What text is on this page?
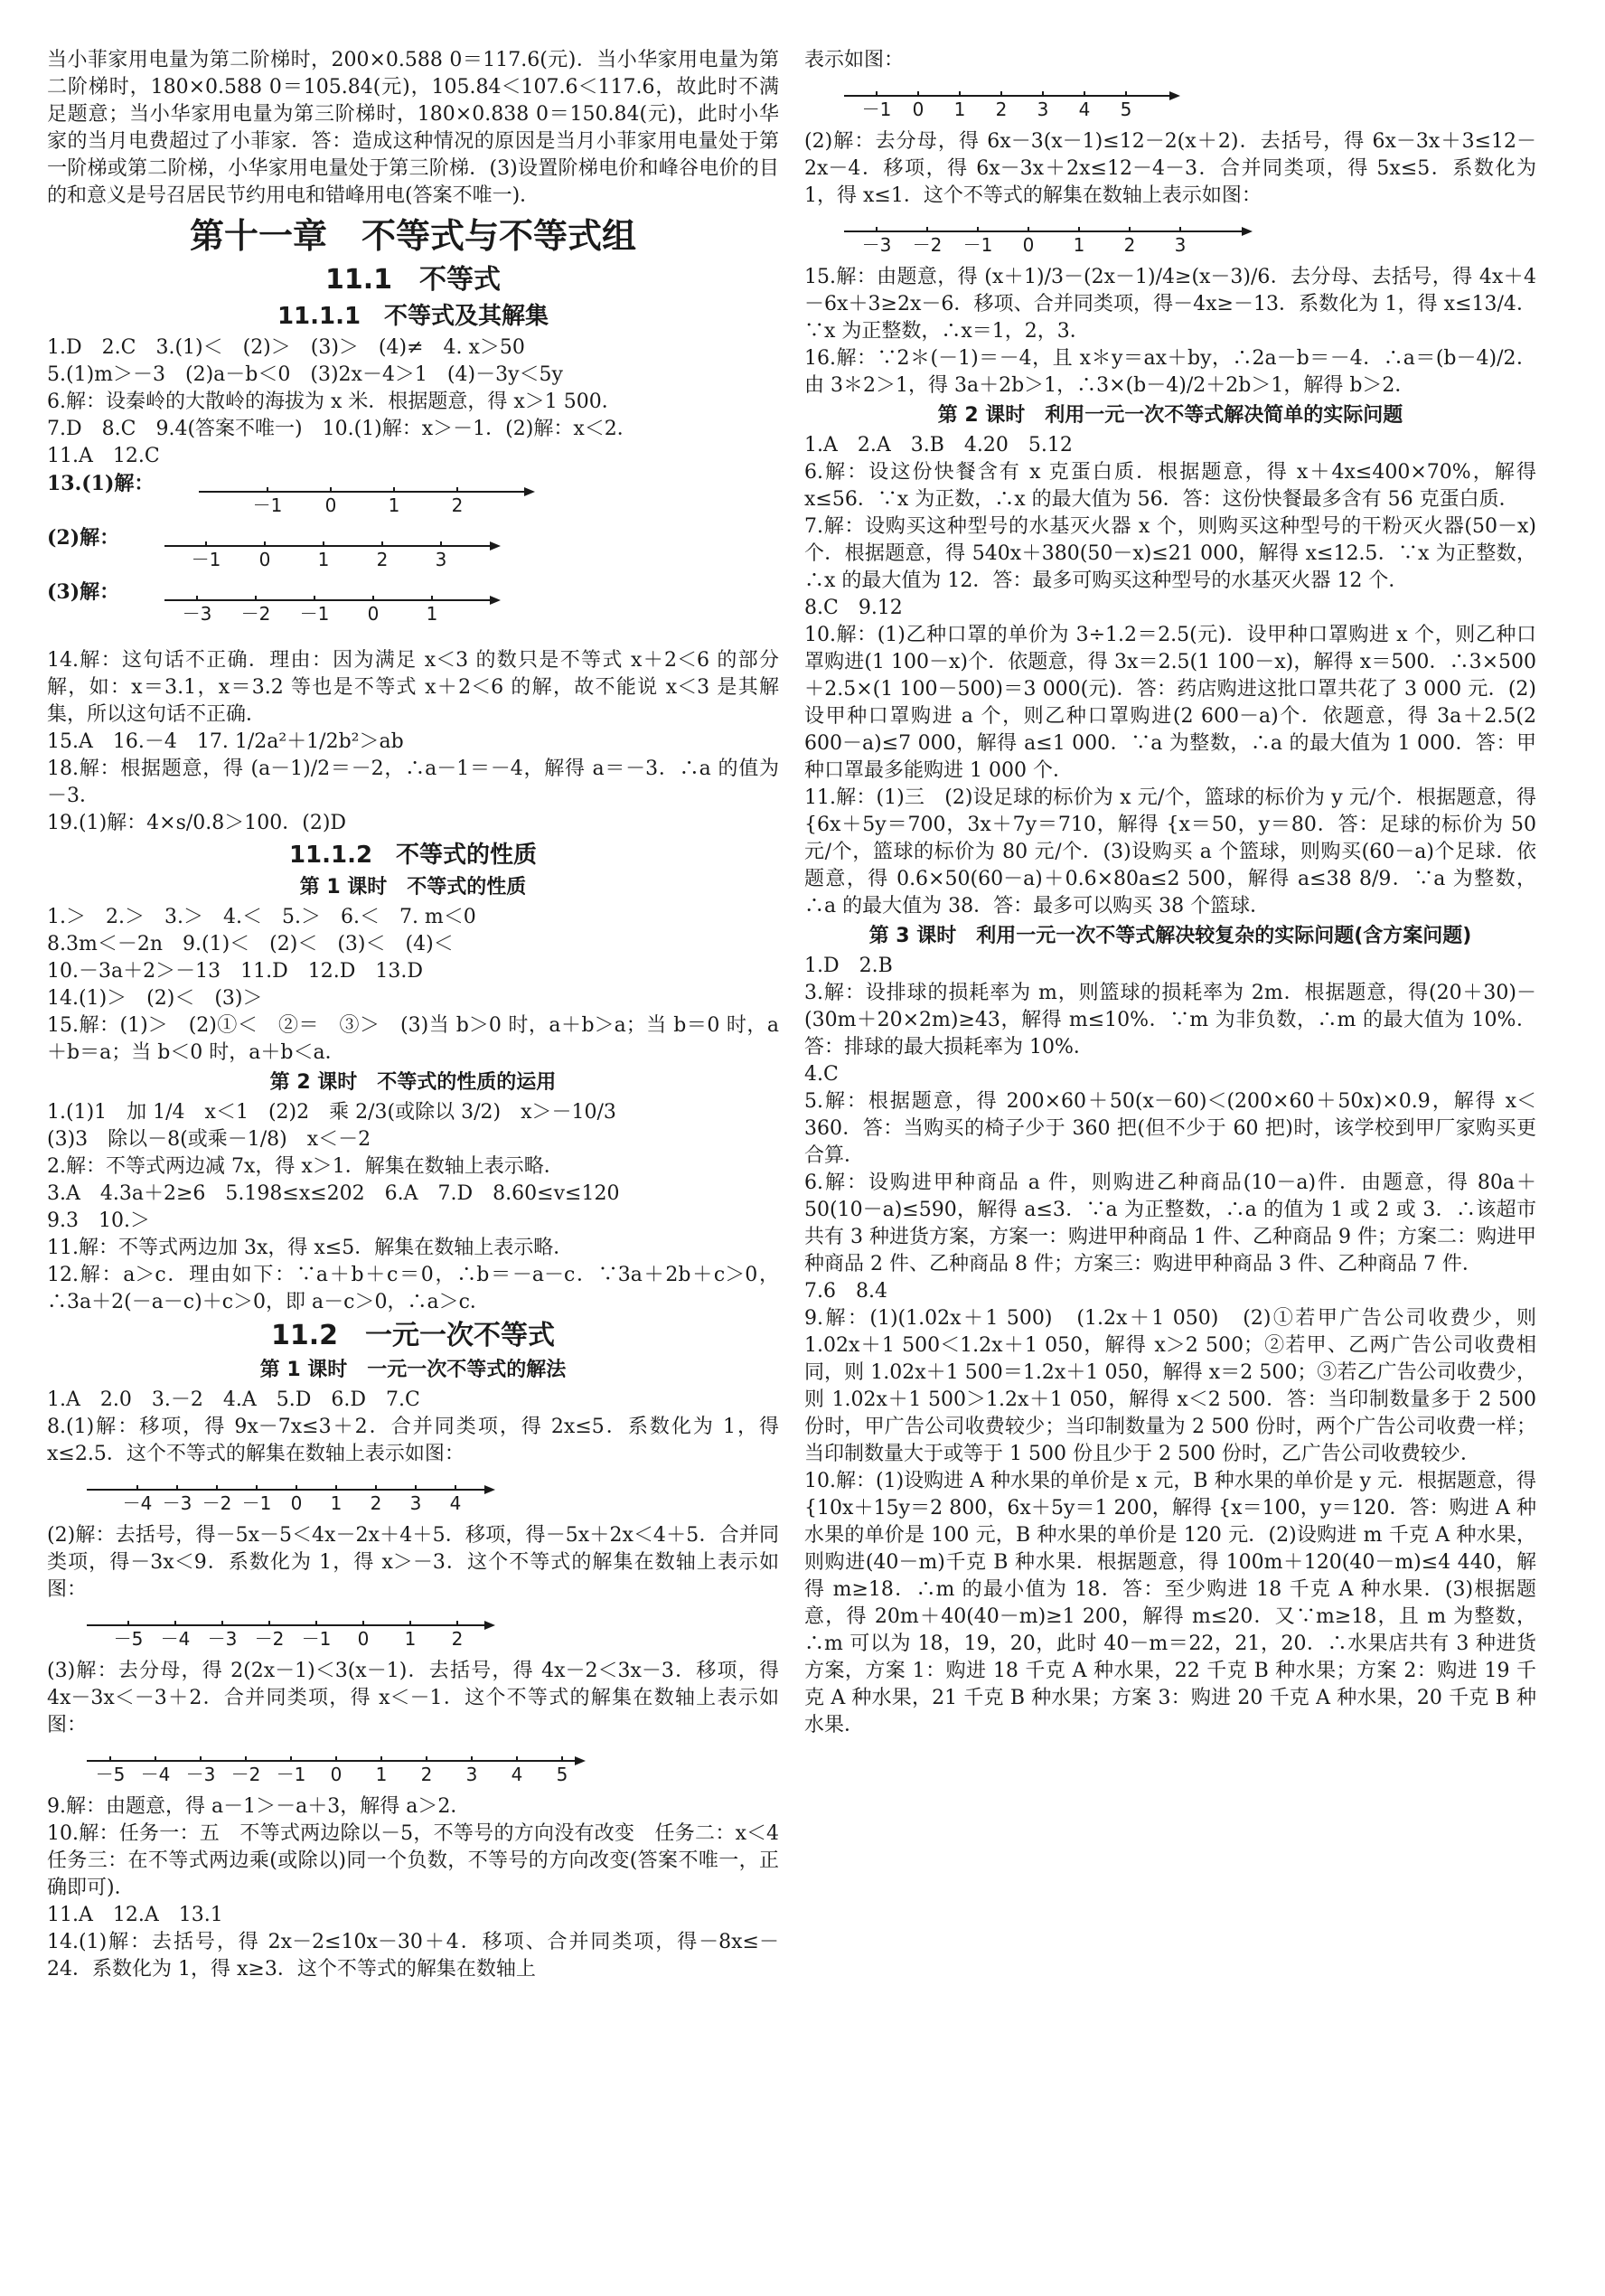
当小菲家用电量为第二阶梯时，200×0.588 0＝117.6(元)．当小华家用电量为第二阶梯时，180×0.588 0＝105.84(元)，105.84＜107.6＜117.6，故此时不满足题意；当小华家用电量为第三阶梯时，180×0.838 0＝150.84(元)，此时小华家的当月电费超过了小菲家．答：造成这种情况的原因是当月小菲家用电量处于第一阶梯或第二阶梯，小华家用电量处于第三阶梯．(3)设置阶梯电价和峰谷电价的目的和意义是号召居民节约用电和错峰用电(答案不唯一)．

第十一章　不等式与不等式组
11.1　不等式
11.1.1　不等式及其解集

1.D　2.C　3.(1)＜　(2)＞　(3)＞　(4)≠　4. x＞50

5.(1)m＞－3　(2)a－b＜0　(3)2x－4＞1　(4)－3y＜5y

6.解：设秦岭的大散岭的海拔为 x 米．根据题意，得 x＞1 500．

7.D　8.C　9.4(答案不唯一)　10.(1)解：x＞－1．(2)解：x＜2．

11.A　12.C

13.(1)解：
－1 0	1	2
(2)解：
－1 0	1	2	3
(3)解：
－3 －2 －1 0	1

14.解：这句话不正确．理由：因为满足 x＜3 的数只是不等式 x＋2＜6 的部分解，如：x＝3.1，x＝3.2 等也是不等式 x＋2＜6 的解，故不能说 x＜3 是其解集，所以这句话不正确．

15.A　16.－4　17. 1/2a²＋1/2b²＞ab

18.解：根据题意，得 (a－1)/2＝－2，∴a－1＝－4，解得 a＝－3．∴a 的值为－3．

19.(1)解：4×s/0.8＞100．(2)D

11.1.2　不等式的性质
第 1 课时　不等式的性质

1.＞　2.＞　3.＞　4.＜　5.＞　6.＜　7. m＜0

8.3m＜－2n　9.(1)＜　(2)＜　(3)＜　(4)＜

10.－3a＋2＞－13　11.D　12.D　13.D

14.(1)＞　(2)＜　(3)＞

15.解：(1)＞　(2)①＜　②＝　③＞　(3)当 b＞0 时，a＋b＞a；当 b＝0 时，a＋b＝a；当 b＜0 时，a＋b＜a．

第 2 课时　不等式的性质的运用

1.(1)1　加 1/4　x＜1　(2)2　乘 2/3(或除以 3/2)　x＞－10/3

(3)3　除以－8(或乘－1/8)　x＜－2

2.解：不等式两边减 7x，得 x＞1．解集在数轴上表示略．

3.A　4.3a＋2≥6　5.198≤x≤202　6.A　7.D　8.60≤v≤120

9.3　10.＞

11.解：不等式两边加 3x，得 x≤5．解集在数轴上表示略．

12.解：a＞c．理由如下：∵a＋b＋c＝0，∴b＝－a－c．∵3a＋2b＋c＞0，∴3a＋2(－a－c)＋c＞0，即 a－c＞0，∴a＞c．

11.2　一元一次不等式
第 1 课时　一元一次不等式的解法

1.A　2.0　3.－2　4.A　5.D　6.D　7.C

8.(1)解：移项，得 9x－7x≤3＋2．合并同类项，得 2x≤5．系数化为 1，得 x≤2.5．这个不等式的解集在数轴上表示如图：

－4 －3 －2 －1 0 1 2 3 4

(2)解：去括号，得－5x－5＜4x－2x＋4＋5．移项，得－5x＋2x＜4＋5．合并同类项，得－3x＜9．系数化为 1，得 x＞－3．这个不等式的解集在数轴上表示如图：

－5 －4 －3 －2 －1 0 1 2

(3)解：去分母，得 2(2x－1)＜3(x－1)．去括号，得 4x－2＜3x－3．移项，得 4x－3x＜－3＋2．合并同类项，得 x＜－1．这个不等式的解集在数轴上表示如图：

－5 －4 －3 －2 －1 0 1 2 3 4 5

9.解：由题意，得 a－1＞－a＋3，解得 a＞2．

10.解：任务一：五　不等式两边除以－5，不等号的方向没有改变　任务二：x＜4　任务三：在不等式两边乘(或除以)同一个负数，不等号的方向改变(答案不唯一，正确即可)．

11.A　12.A　13.1

14.(1)解：去括号，得 2x－2≤10x－30＋4．移项、合并同类项，得－8x≤－24．系数化为 1，得 x≥3．这个不等式的解集在数轴上

表示如图：

－1 0 1 2 3 4 5

(2)解：去分母，得 6x－3(x－1)≤12－2(x＋2)．去括号，得 6x－3x＋3≤12－2x－4．移项，得 6x－3x＋2x≤12－4－3．合并同类项，得 5x≤5．系数化为 1，得 x≤1．这个不等式的解集在数轴上表示如图：

－3 －2 －1 0 1 2 3

15.解：由题意，得 (x＋1)/3－(2x－1)/4≥(x－3)/6．去分母、去括号，得 4x＋4－6x＋3≥2x－6．移项、合并同类项，得－4x≥－13．系数化为 1，得 x≤13/4．∵x 为正整数，∴x＝1，2，3．

16.解：∵2＊(－1)＝－4，且 x＊y＝ax＋by，∴2a－b＝－4．∴a＝(b－4)/2．由 3＊2＞1，得 3a＋2b＞1，∴3×(b－4)/2＋2b＞1，解得 b＞2．

第 2 课时　利用一元一次不等式解决简单的实际问题

1.A　2.A　3.B　4.20　5.12

6.解：设这份快餐含有 x 克蛋白质．根据题意，得 x＋4x≤400×70%，解得 x≤56．∵x 为正数，∴x 的最大值为 56．答：这份快餐最多含有 56 克蛋白质．

7.解：设购买这种型号的水基灭火器 x 个，则购买这种型号的干粉灭火器(50－x)个．根据题意，得 540x＋380(50－x)≤21 000，解得 x≤12.5．∵x 为正整数，∴x 的最大值为 12．答：最多可购买这种型号的水基灭火器 12 个．

8.C　9.12

10.解：(1)乙种口罩的单价为 3÷1.2＝2.5(元)．设甲种口罩购进 x 个，则乙种口罩购进(1 100－x)个．依题意，得 3x＝2.5(1 100－x)，解得 x＝500．∴3×500＋2.5×(1 100－500)＝3 000(元)．答：药店购进这批口罩共花了 3 000 元．(2)设甲种口罩购进 a 个，则乙种口罩购进(2 600－a)个．依题意，得 3a＋2.5(2 600－a)≤7 000，解得 a≤1 000．∵a 为整数，∴a 的最大值为 1 000．答：甲种口罩最多能购进 1 000 个．

11.解：(1)三　(2)设足球的标价为 x 元/个，篮球的标价为 y 元/个．根据题意，得 {6x＋5y＝700，3x＋7y＝710，解得 {x＝50，y＝80．答：足球的标价为 50 元/个，篮球的标价为 80 元/个．(3)设购买 a 个篮球，则购买(60－a)个足球．依题意，得 0.6×50(60－a)＋0.6×80a≤2 500，解得 a≤38 8/9．∵a 为整数，∴a 的最大值为 38．答：最多可以购买 38 个篮球．

第 3 课时　利用一元一次不等式解决较复杂的实际问题(含方案问题)

1.D　2.B

3.解：设排球的损耗率为 m，则篮球的损耗率为 2m．根据题意，得(20＋30)－(30m＋20×2m)≥43，解得 m≤10%．∵m 为非负数，∴m 的最大值为 10%．答：排球的最大损耗率为 10%．

4.C

5.解：根据题意，得 200×60＋50(x－60)＜(200×60＋50x)×0.9，解得 x＜360．答：当购买的椅子少于 360 把(但不少于 60 把)时，该学校到甲厂家购买更合算．

6.解：设购进甲种商品 a 件，则购进乙种商品(10－a)件．由题意，得 80a＋50(10－a)≤590，解得 a≤3．∵a 为正整数，∴a 的值为 1 或 2 或 3．∴该超市共有 3 种进货方案，方案一：购进甲种商品 1 件、乙种商品 9 件；方案二：购进甲种商品 2 件、乙种商品 8 件；方案三：购进甲种商品 3 件、乙种商品 7 件．

7.6　8.4

9.解：(1)(1.02x＋1 500)　(1.2x＋1 050)　(2)①若甲广告公司收费少，则 1.02x＋1 500＜1.2x＋1 050，解得 x＞2 500；②若甲、乙两广告公司收费相同，则 1.02x＋1 500＝1.2x＋1 050，解得 x＝2 500；③若乙广告公司收费少，则 1.02x＋1 500＞1.2x＋1 050，解得 x＜2 500．答：当印制数量多于 2 500 份时，甲广告公司收费较少；当印制数量为 2 500 份时，两个广告公司收费一样；当印制数量大于或等于 1 500 份且少于 2 500 份时，乙广告公司收费较少．

10.解：(1)设购进 A 种水果的单价是 x 元，B 种水果的单价是 y 元．根据题意，得 {10x＋15y＝2 800，6x＋5y＝1 200，解得 {x＝100，y＝120．答：购进 A 种水果的单价是 100 元，B 种水果的单价是 120 元．(2)设购进 m 千克 A 种水果，则购进(40－m)千克 B 种水果．根据题意，得 100m＋120(40－m)≤4 440，解得 m≥18．∴m 的最小值为 18．答：至少购进 18 千克 A 种水果．(3)根据题意，得 20m＋40(40－m)≥1 200，解得 m≤20．又∵m≥18，且 m 为整数，∴m 可以为 18，19，20，此时 40－m＝22，21，20．∴水果店共有 3 种进货方案，方案 1：购进 18 千克 A 种水果，22 千克 B 种水果；方案 2：购进 19 千克 A 种水果，21 千克 B 种水果；方案 3：购进 20 千克 A 种水果，20 千克 B 种水果．
